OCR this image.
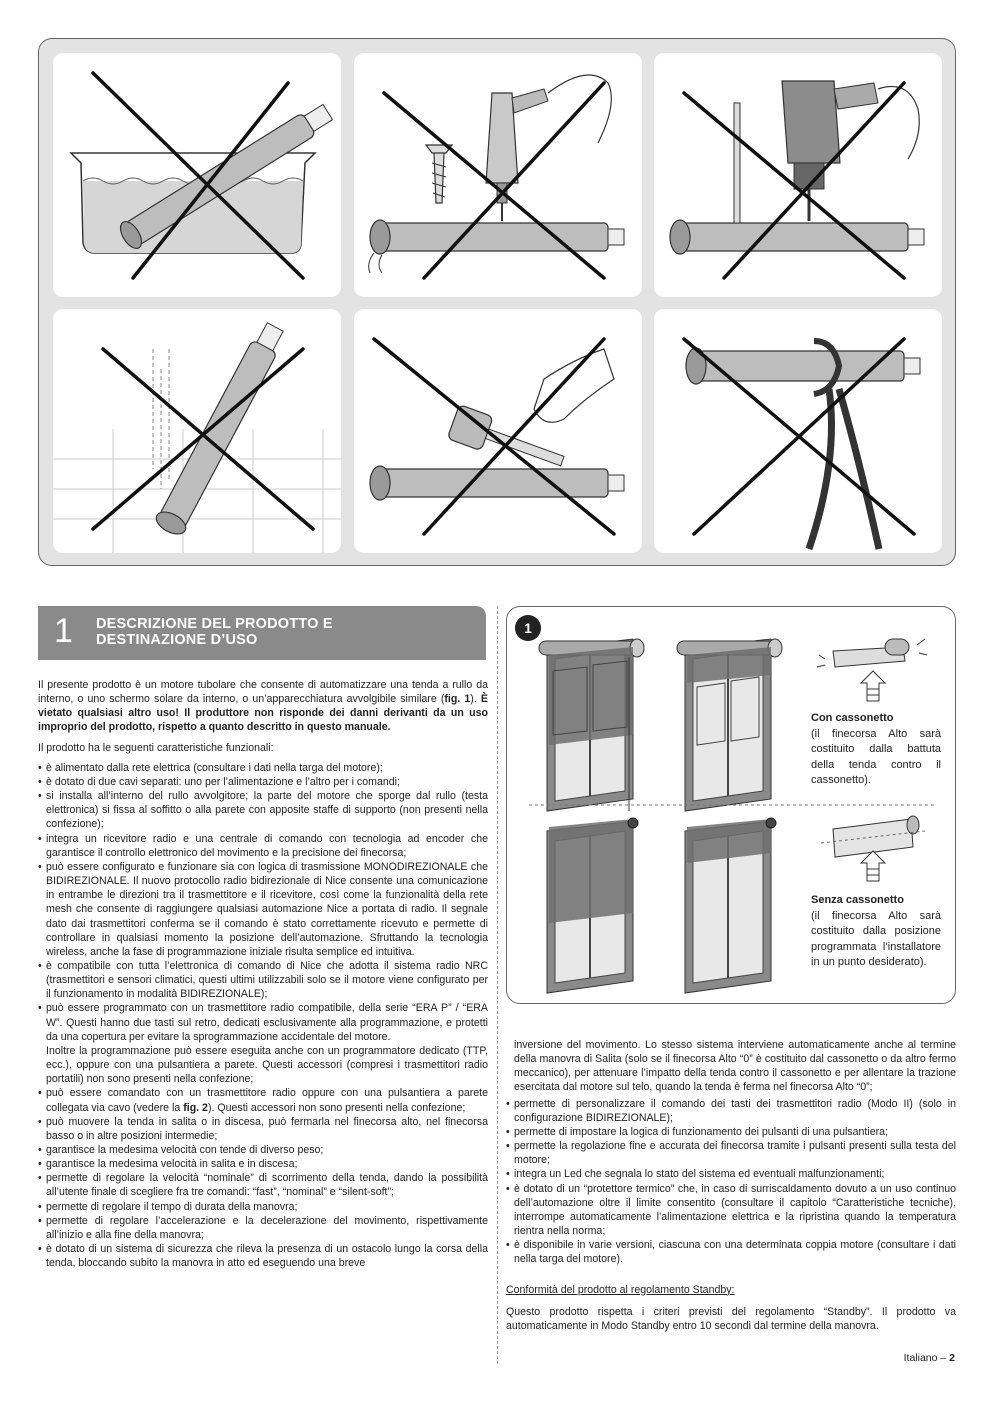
1 DESCRIZIONE DEL PRODOTTO E
DESTINAZIONE D’USO

Il presente prodotto è un motore tubolare che consente di automatizzare una tenda a rullo da interno, o uno schermo solare da interno, o un’apparecchiatura avvolgibile similare (fig. 1). È vietato qualsiasi altro uso! Il produttore non risponde dei danni derivanti da un uso improprio del prodotto, rispetto a quanto descritto in questo manuale.

Il prodotto ha le seguenti caratteristiche funzionali:

• è alimentato dalla rete elettrica (consultare i dati nella targa del motore);
• è dotato di due cavi separati: uno per l’alimentazione e l’altro per i comandi;
• si installa all’interno del rullo avvolgitore; la parte del motore che sporge dal rullo (testa elettronica) si fissa al soffitto o alla parete con apposite staffe di supporto (non presenti nella confezione);
• integra un ricevitore radio e una centrale di comando con tecnologia ad encoder che garantisce il controllo elettronico del movimento e la precisione dei finecorsa;
• può essere configurato e funzionare sia con logica di trasmissione MONODIREZIONALE che BIDIREZIONALE. Il nuovo protocollo radio bidirezionale di Nice consente una comunicazione in entrambe le direzioni tra il trasmettitore e il ricevitore, così come la funzionalità della rete mesh che consente di raggiungere qualsiasi automazione Nice a portata di radio. Il segnale dato dai trasmettitori conferma se il comando è stato correttamente ricevuto e permette di controllare in qualsiasi momento la posizione dell’automazione. Sfruttando la tecnologia wireless, anche la fase di programmazione iniziale risulta semplice ed intuitiva.
• è compatibile con tutta l’elettronica di comando di Nice che adotta il sistema radio NRC (trasmettitori e sensori climatici, questi ultimi utilizzabili solo se il motore viene configurato per il funzionamento in modalità BIDIREZIONALE);
• può essere programmato con un trasmettitore radio compatibile, della serie “ERA P” / “ERA W”. Questi hanno due tasti sul retro, dedicati esclusivamente alla programmazione, e protetti da una copertura per evitare la sprogrammazione accidentale del motore.
Inoltre la programmazione può essere eseguita anche con un programmatore dedicato (TTP, ecc.), oppure con una pulsantiera a parete. Questi accessori (compresi i trasmettitori radio portatili) non sono presenti nella confezione;
• può essere comandato con un trasmettitore radio oppure con una pulsantiera a parete collegata via cavo (vedere la fig. 2). Questi accessori non sono presenti nella confezione;
• può muovere la tenda in salita o in discesa, può fermarla nel finecorsa alto, nel finecorsa basso o in altre posizioni intermedie;
• garantisce la medesima velocità con tende di diverso peso;
• garantisce la medesima velocità in salita e in discesa;
• permette di regolare la velocità “nominale” di scorrimento della tenda, dando la possibilità all’utente finale di scegliere fra tre comandi: “fast”, “nominal” e “silent-soft”;
• permette di regolare il tempo di durata della manovra;
• permette di regolare l’accelerazione e la decelerazione del movimento, rispettivamente all’inizio e alla fine della manovra;
• è dotato di un sistema di sicurezza che rileva la presenza di un ostacolo lungo la corsa della tenda, bloccando subito la manovra in atto ed eseguendo una breve
1
Con cassonetto
(il finecorsa Alto sarà costituito dalla battuta della tenda contro il cassonetto).
Senza cassonetto
(il finecorsa Alto sarà costituito dalla posizione programmata l’installatore in un punto desiderato).

inversione del movimento. Lo stesso sistema interviene automaticamente anche al termine della manovra di Salita (solo se il finecorsa Alto “0” è costituito dal cassonetto o da altro fermo meccanico), per attenuare l’impatto della tenda contro il cassonetto e per allentare la trazione esercitata dal motore sul telo, quando la tenda è ferma nel finecorsa Alto “0”;

• permette di personalizzare il comando dei tasti dei trasmettitori radio (Modo II) (solo in configurazione BIDIREZIONALE);
• permette di impostare la logica di funzionamento dei pulsanti di una pulsantiera;
• permette la regolazione fine e accurata dei finecorsa tramite i pulsanti presenti sulla testa del motore;
• integra un Led che segnala lo stato del sistema ed eventuali malfunzionamenti;
• è dotato di un “protettore termico” che, in caso di surriscaldamento dovuto a un uso continuo dell’automazione oltre il limite consentito (consultare il capitolo “Caratteristiche tecniche), interrompe automaticamente l’alimentazione elettrica e la ripristina quando la temperatura rientra nella norma;
• è disponibile in varie versioni, ciascuna con una determinata coppia motore (consultare i dati nella targa del motore).

Conformità del prodotto al regolamento Standby:

Questo prodotto rispetta i criteri previsti del regolamento “Standby”. Il prodotto va automaticamente in Modo Standby entro 10 secondi dal termine della manovra.

Italiano – 2
